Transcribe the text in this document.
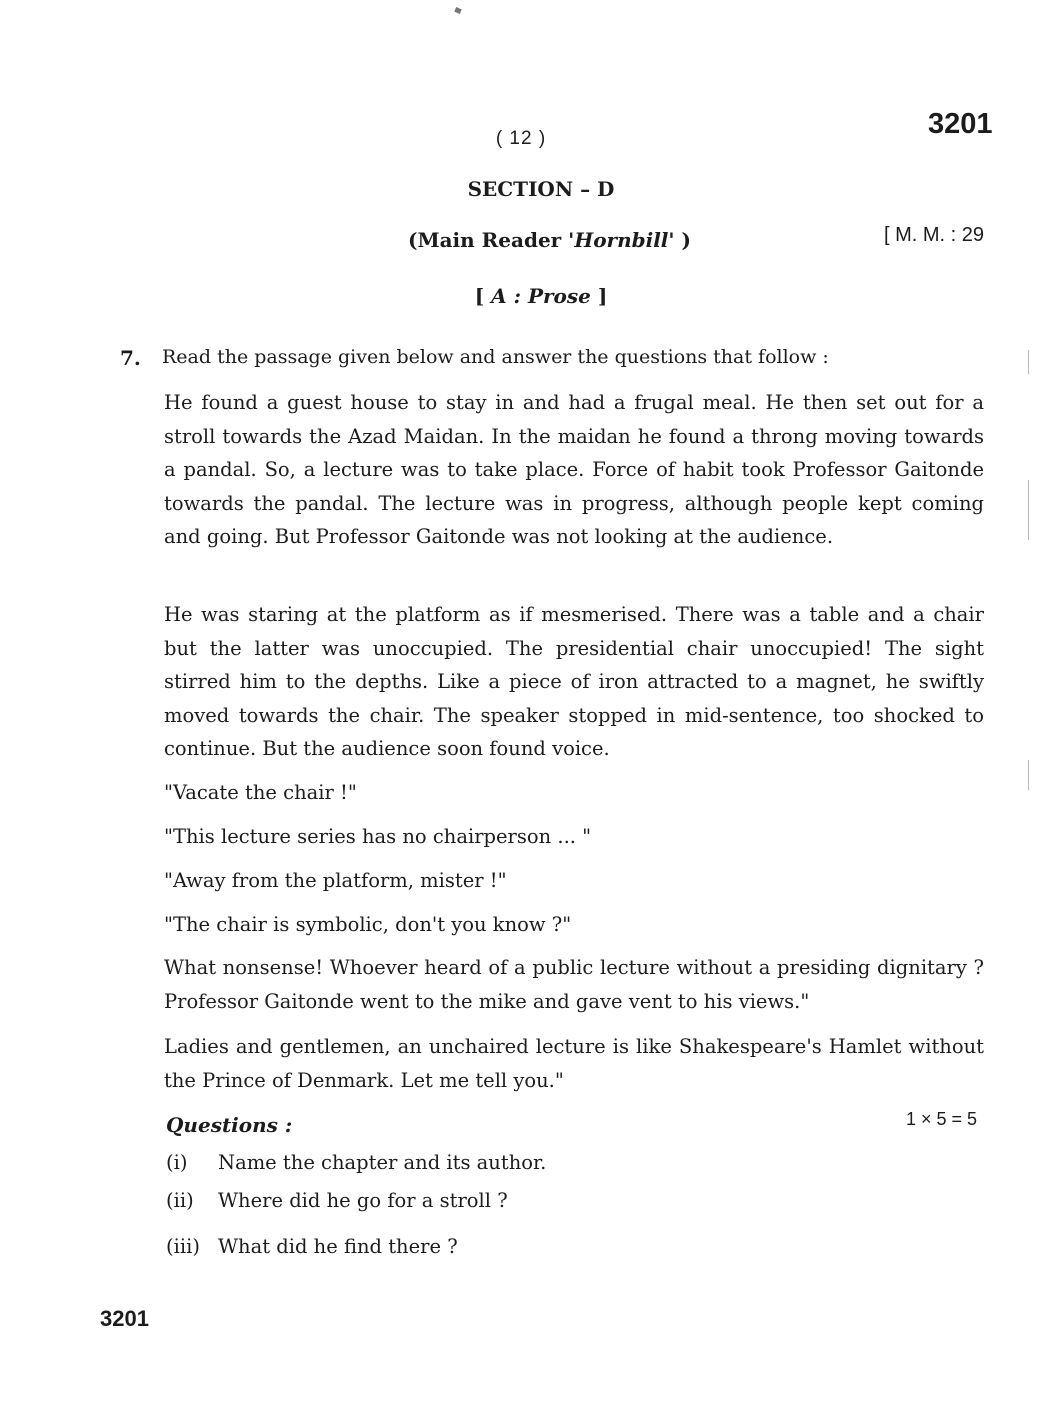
( 12 )	3201
SECTION – D
(Main Reader 'Hornbill' )	[ M. M. : 29
[ A : Prose ]
7. Read the passage given below and answer the questions that follow :

He found a guest house to stay in and had a frugal meal. He then set out for a stroll towards the Azad Maidan. In the maidan he found a throng moving towards a pandal. So, a lecture was to take place. Force of habit took Professor Gaitonde towards the pandal. The lecture was in progress, although people kept coming and going. But Professor Gaitonde was not looking at the audience.

He was staring at the platform as if mesmerised. There was a table and a chair but the latter was unoccupied. The presidential chair unoccupied! The sight stirred him to the depths. Like a piece of iron attracted to a magnet, he swiftly moved towards the chair. The speaker stopped in mid-sentence, too shocked to continue. But the audience soon found voice.

"Vacate the chair !"
"This lecture series has no chairperson ... "
"Away from the platform, mister !"
"The chair is symbolic, don't you know ?"

What nonsense! Whoever heard of a public lecture without a presiding dignitary ? Professor Gaitonde went to the mike and gave vent to his views."

Ladies and gentlemen, an unchaired lecture is like Shakespeare's Hamlet without the Prince of Denmark. Let me tell you."

Questions :	1 × 5 = 5
(i) Name the chapter and its author.
(ii) Where did he go for a stroll ?
(iii) What did he find there ?
3201
